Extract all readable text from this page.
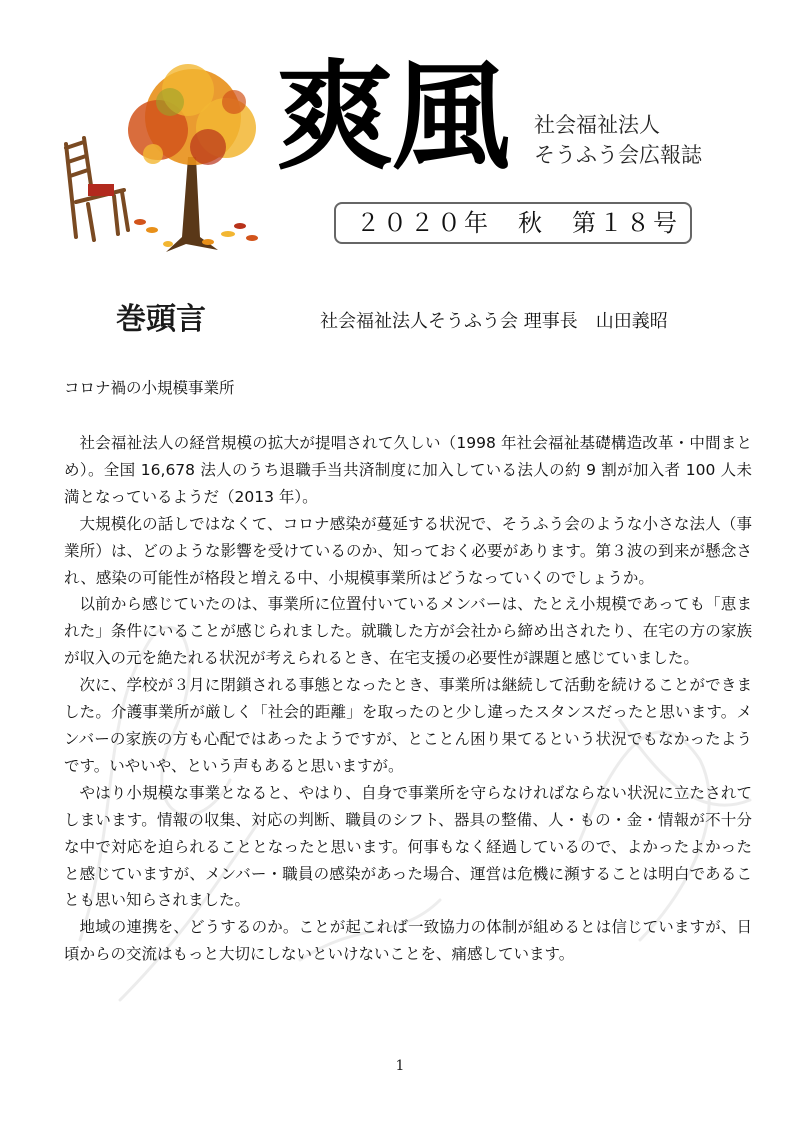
爽風 社会福祉法人
そうふう会広報誌
２０２０年　秋　第１８号
巻頭言	社会福祉法人そうふう会 理事長　山田義昭
コロナ禍の小規模事業所

社会福祉法人の経営規模の拡大が提唱されて久しい（1998 年社会福祉基礎構造改革・中間まとめ）。全国 16,678 法人のうち退職手当共済制度に加入している法人の約 9 割が加入者 100 人未満となっているようだ（2013 年）。

大規模化の話しではなくて、コロナ感染が蔓延する状況で、そうふう会のような小さな法人（事業所）は、どのような影響を受けているのか、知っておく必要があります。第３波の到来が懸念され、感染の可能性が格段と増える中、小規模事業所はどうなっていくのでしょうか。

以前から感じていたのは、事業所に位置付いているメンバーは、たとえ小規模であっても「恵まれた」条件にいることが感じられました。就職した方が会社から締め出されたり、在宅の方の家族が収入の元を絶たれる状況が考えられるとき、在宅支援の必要性が課題と感じていました。

次に、学校が３月に閉鎖される事態となったとき、事業所は継続して活動を続けることができました。介護事業所が厳しく「社会的距離」を取ったのと少し違ったスタンスだったと思います。メンバーの家族の方も心配ではあったようですが、とことん困り果てるという状況でもなかったようです。いやいや、という声もあると思いますが。

やはり小規模な事業となると、やはり、自身で事業所を守らなければならない状況に立たされてしまいます。情報の収集、対応の判断、職員のシフト、器具の整備、人・もの・金・情報が不十分な中で対応を迫られることとなったと思います。何事もなく経過しているので、よかったよかったと感じていますが、メンバー・職員の感染があった場合、運営は危機に瀕することは明白であることも思い知らされました。

地域の連携を、どうするのか。ことが起これば一致協力の体制が組めるとは信じていますが、日頃からの交流はもっと大切にしないといけないことを、痛感しています。

1
